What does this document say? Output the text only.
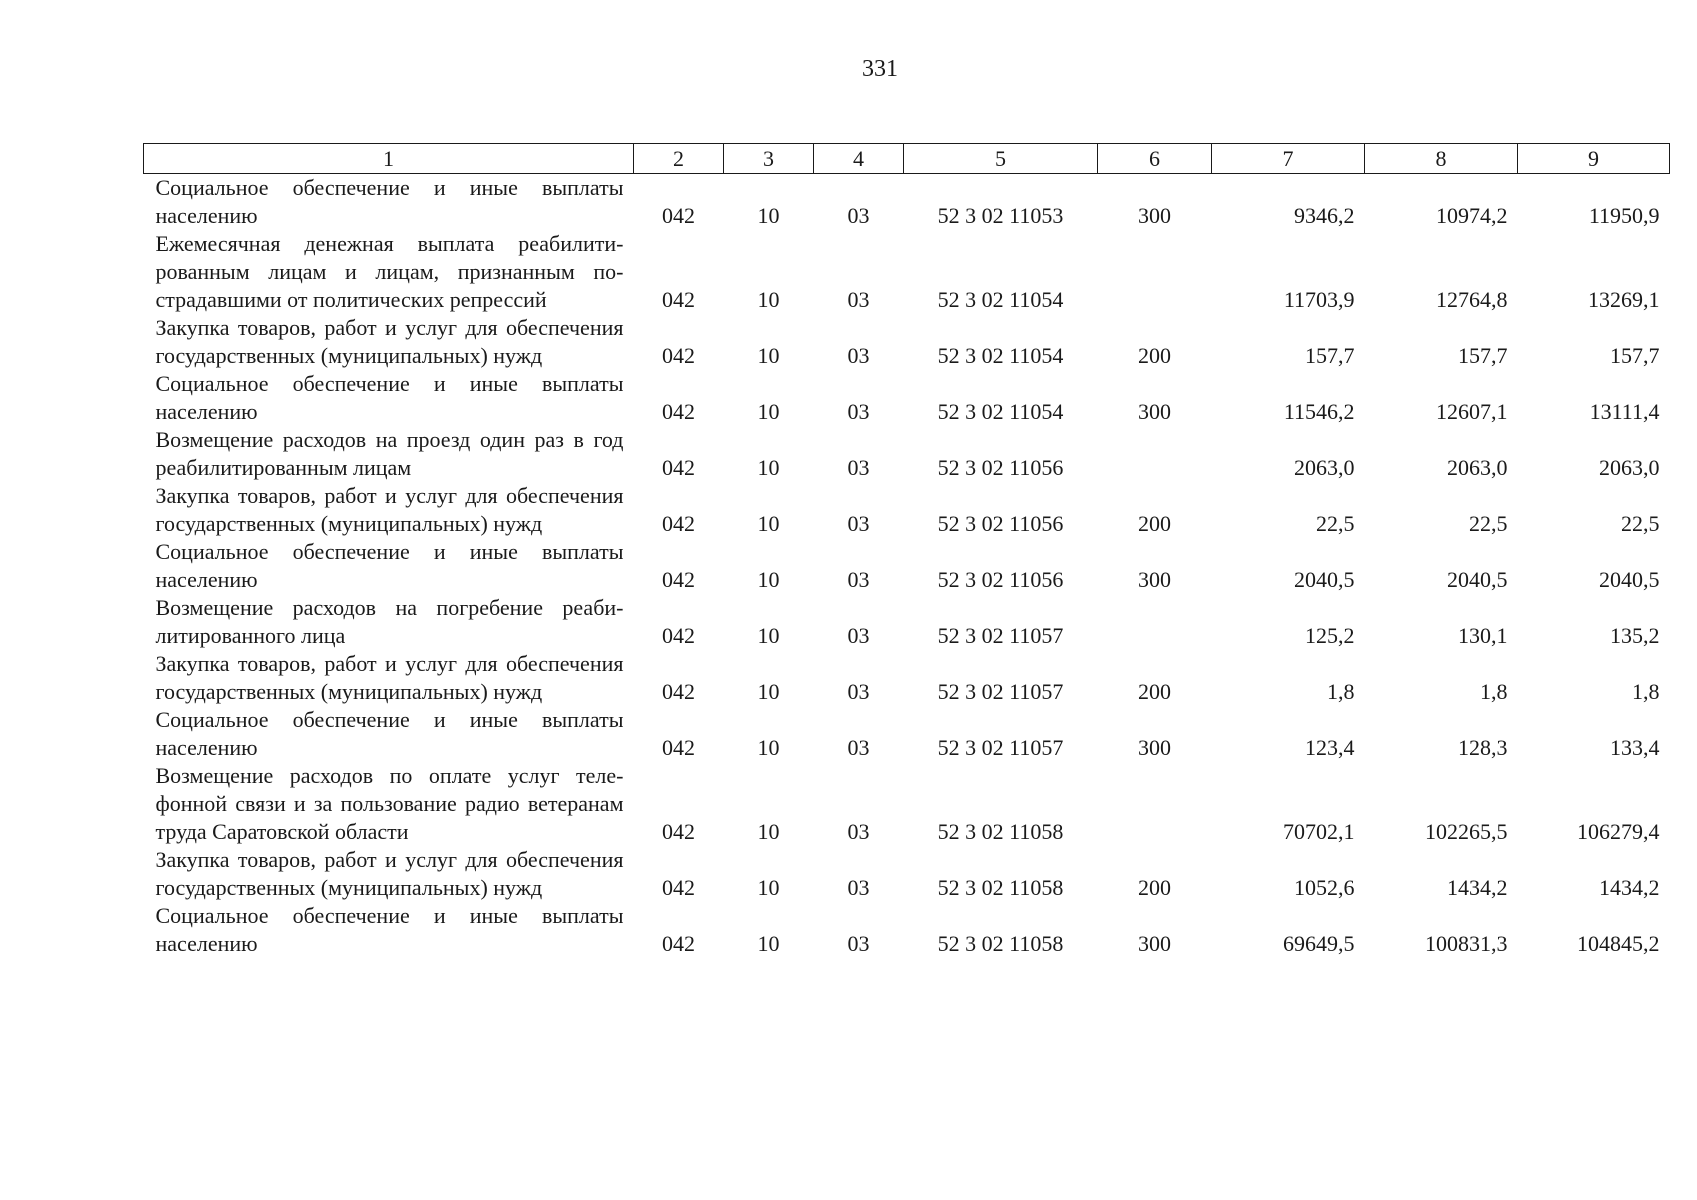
331
1	2	3	4	5	6	7	8	9
Социальное обеспечение и иные выплаты населению	042	10	03	52 3 02 11053	300	9346,2	10974,2	11950,9
Ежемесячная денежная выплата реабилитированным лицам и лицам, признанным пострадавшими от политических репрессий	042	10	03	52 3 02 11054		11703,9	12764,8	13269,1
Закупка товаров, работ и услуг для обеспечения государственных (муниципальных) нужд	042	10	03	52 3 02 11054	200	157,7	157,7	157,7
Социальное обеспечение и иные выплаты населению	042	10	03	52 3 02 11054	300	11546,2	12607,1	13111,4
Возмещение расходов на проезд один раз в год реабилитированным лицам	042	10	03	52 3 02 11056		2063,0	2063,0	2063,0
Закупка товаров, работ и услуг для обеспечения государственных (муниципальных) нужд	042	10	03	52 3 02 11056	200	22,5	22,5	22,5
Социальное обеспечение и иные выплаты населению	042	10	03	52 3 02 11056	300	2040,5	2040,5	2040,5
Возмещение расходов на погребение реабилитированного лица	042	10	03	52 3 02 11057		125,2	130,1	135,2
Закупка товаров, работ и услуг для обеспечения государственных (муниципальных) нужд	042	10	03	52 3 02 11057	200	1,8	1,8	1,8
Социальное обеспечение и иные выплаты населению	042	10	03	52 3 02 11057	300	123,4	128,3	133,4
Возмещение расходов по оплате услуг телефонной связи и за пользование радио ветеранам труда Саратовской области	042	10	03	52 3 02 11058		70702,1	102265,5	106279,4
Закупка товаров, работ и услуг для обеспечения государственных (муниципальных) нужд	042	10	03	52 3 02 11058	200	1052,6	1434,2	1434,2
Социальное обеспечение и иные выплаты населению	042	10	03	52 3 02 11058	300	69649,5	100831,3	104845,2
